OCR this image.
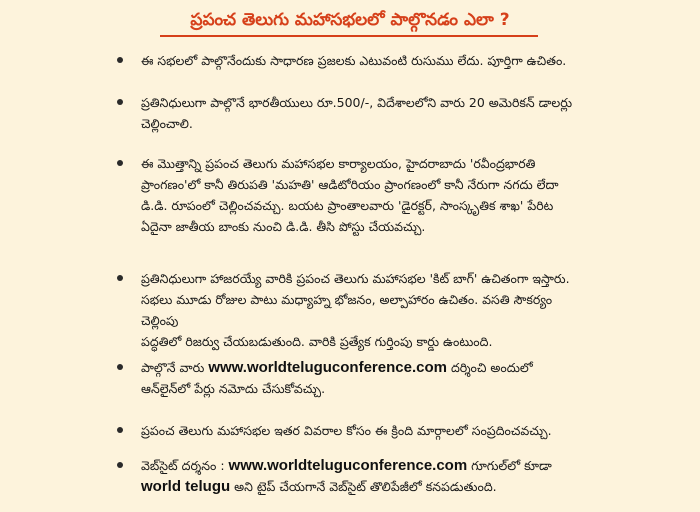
ప్రపంచ తెలుగు మహాసభలలో పాల్గొనడం ఎలా ?
ఈ సభలలో పాల్గొనేందుకు సాధారణ ప్రజలకు ఎటువంటి రుసుము లేదు. పూర్తిగా ఉచితం.
ప్రతినిధులుగా పాల్గొనే భారతీయులు రూ.500/-, విదేశాలలోని వారు 20 అమెరికన్ డాలర్లు
చెల్లించాలి.
ఈ మొత్తాన్ని ప్రపంచ తెలుగు మహాసభల కార్యాలయం, హైదరాబాదు 'రవీంద్రభారతి
ప్రాంగణం'లో కానీ తిరుపతి 'మహతి' ఆడిటోరియం ప్రాంగణంలో కానీ నేరుగా నగదు లేదా
డి.డి. రూపంలో చెల్లించవచ్చు. బయట ప్రాంతాలవారు 'డైరక్టర్, సాంస్కృతిక శాఖ' పేరిట
ఏదైనా జాతీయ బాంకు నుంచి డి.డి. తీసి పోస్టు చేయవచ్చు.
ప్రతినిధులుగా హాజరయ్యే వారికి ప్రపంచ తెలుగు మహాసభల 'కిట్ బాగ్' ఉచితంగా ఇస్తారు.
సభలు మూడు రోజుల పాటు మధ్యాహ్న భోజనం, అల్పాహారం ఉచితం. వసతి సౌకర్యం చెల్లింపు
పద్ధతిలో రిజర్వు చేయబడుతుంది. వారికి ప్రత్యేక గుర్తింపు కార్డు ఉంటుంది.
పాల్గొనే వారు www.worldteluguconference.com దర్శించి అందులో
ఆన్‌లైన్‌లో పేర్లు నమోదు చేసుకోవచ్చు.
ప్రపంచ తెలుగు మహాసభల ఇతర వివరాల కోసం ఈ క్రింది మార్గాలలో సంప్రదించవచ్చు.
వెబ్‌సైట్ దర్శనం : www.worldteluguconference.com గూగుల్‌లో కూడా
world telugu అని టైప్ చేయగానే వెబ్‌సైట్ తొలిపేజీలో కనపడుతుంది.
